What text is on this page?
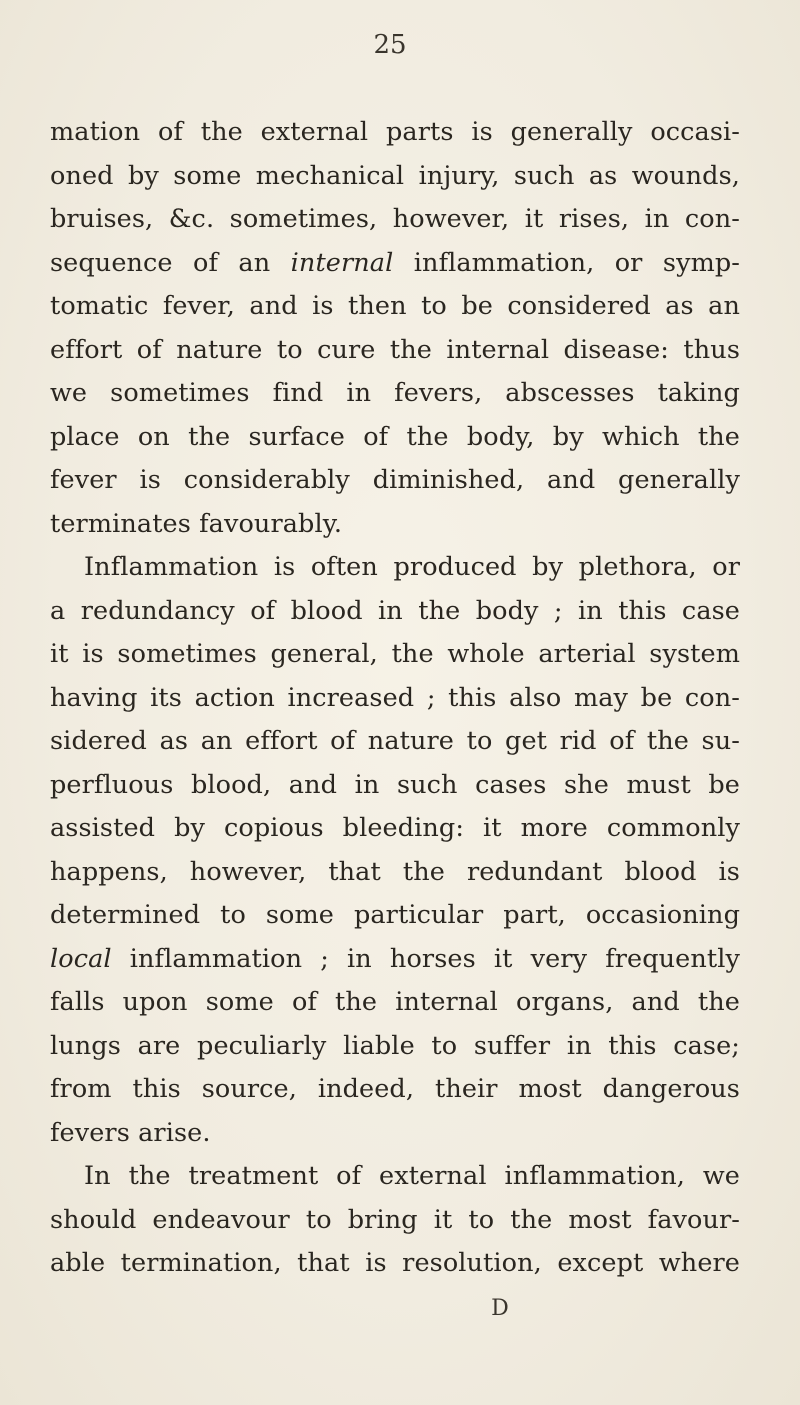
25
mation of the external parts is generally occasi-
oned by some mechanical injury, such as wounds,
bruises, &c. sometimes, however, it rises, in con-
sequence of an internal inflammation, or symp-
tomatic fever, and is then to be considered as an
effort of nature to cure the internal disease: thus
we sometimes find in fevers, abscesses taking
place on the surface of the body, by which the
fever is considerably diminished, and generally
terminates favourably.
Inflammation is often produced by plethora, or
a redundancy of blood in the body ; in this case
it is sometimes general, the whole arterial system
having its action increased ; this also may be con-
sidered as an effort of nature to get rid of the su-
perfluous blood, and in such cases she must be
assisted by copious bleeding: it more commonly
happens, however, that the redundant blood is
determined to some particular part, occasioning
local inflammation ; in horses it very frequently
falls upon some of the internal organs, and the
lungs are peculiarly liable to suffer in this case;
from this source, indeed, their most dangerous
fevers arise.
In the treatment of external inflammation, we
should endeavour to bring it to the most favour-
able termination, that is resolution, except where
D
